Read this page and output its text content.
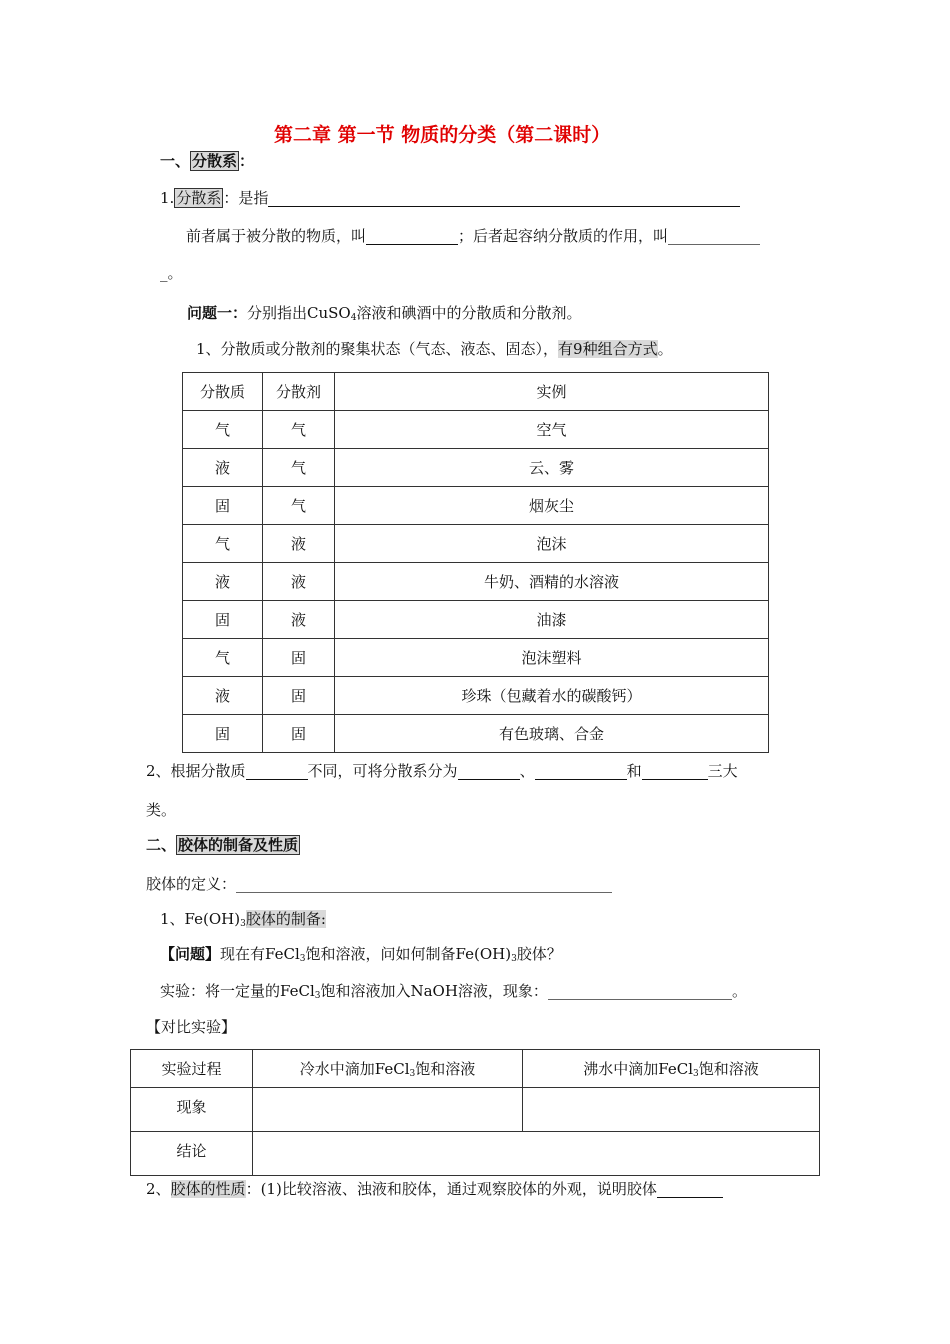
第二章 第一节 物质的分类（第二课时）
一、 分散系 ：
1. 分散系 ：是指
前者属于被分散的物质，叫	；后者起容纳分散质的作用，叫
_。
问题一：分别指出CuSO$_4$溶液和碘酒中的分散质和分散剂。
1、分散质或分散剂的聚集状态（气态、液态、固态），有9种组合方式。
分散质	分散剂	实例
气	气	空气
液	气	云、雾
固	气	烟灰尘
气	液	泡沫
液	液	牛奶、酒精的水溶液
固	液	油漆
气	固	泡沫塑料
液	固	珍珠（包藏着水的碳酸钙）
固	固	有色玻璃、合金
2、根据分散质	不同，可将分散系分为	、	和	三大
类。
二、 胶体的制备及性质
胶体的定义：
1、$Fe(OH)_3$胶体的制备:
【问题】现在有FeCl$_3$饱和溶液，问如何制备$Fe(OH)_3$胶体？
实验：将一定量的FeCl$_3$饱和溶液加入NaOH溶液，现象：	。
【对比实验】
实验过程	冷水中滴加FeCl$_3$饱和溶液	沸水中滴加FeCl$_3$饱和溶液
现象		
结论		
2、胶体的性质：(1)比较溶液、浊液和胶体，通过观察胶体的外观，说明胶体
